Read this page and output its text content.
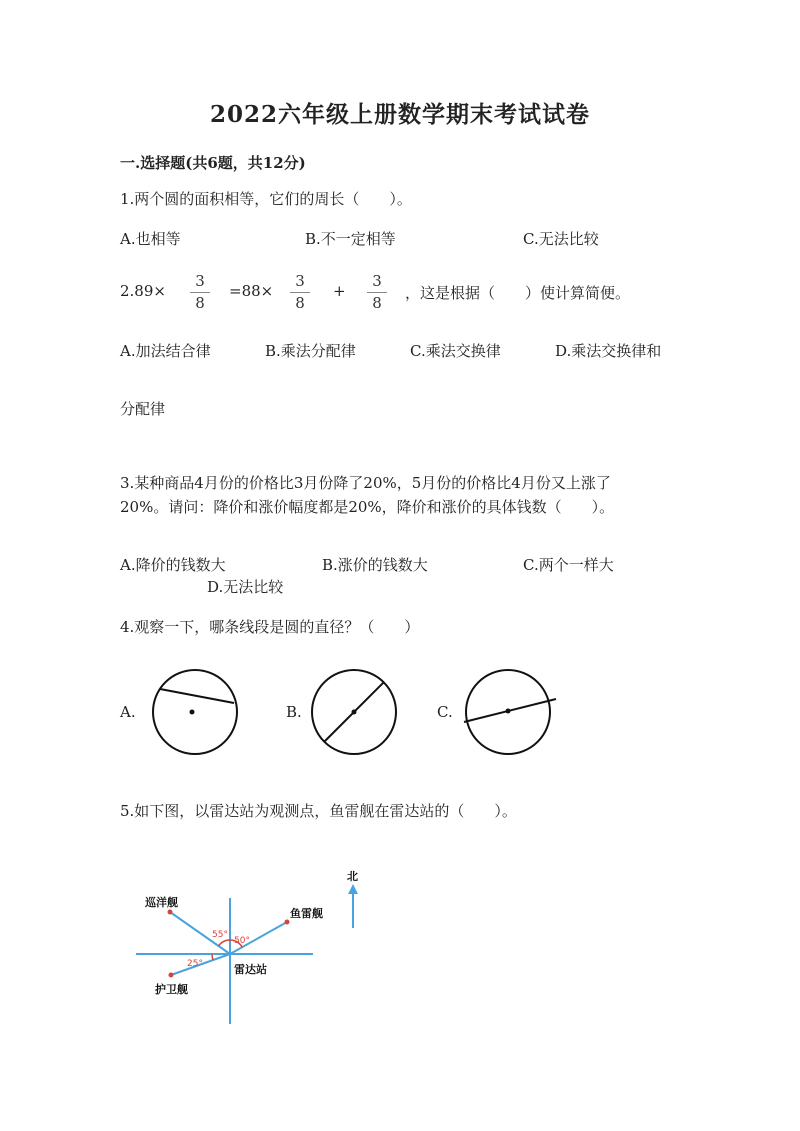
2022六年级上册数学期末考试试卷
一.选择题(共6题，共12分)
1.两个圆的面积相等，它们的周长（　　）。
A.也相等	B.不一定相等	C.无法比较
$2.89\times \frac{3}{8} =88\times \frac{3}{8} + \frac{3}{8}$ ，这是根据（　　）使计算简便。
A.加法结合律	B.乘法分配律	C.乘法交换律	D.乘法交换律和
分配律
3.某种商品4月份的价格比3月份降了20%，5月份的价格比4月份又上涨了
20%。请问：降价和涨价幅度都是20%，降价和涨价的具体钱数（　　）。
A.降价的钱数大	B.涨价的钱数大	C.两个一样大
D.无法比较
4.观察一下，哪条线段是圆的直径？（　　）
A.	B.	C.
5.如下图，以雷达站为观测点，鱼雷舰在雷达站的（　　）。
北
巡洋舰
鱼雷舰
护卫舰
雷达站
55°
50°
25°
